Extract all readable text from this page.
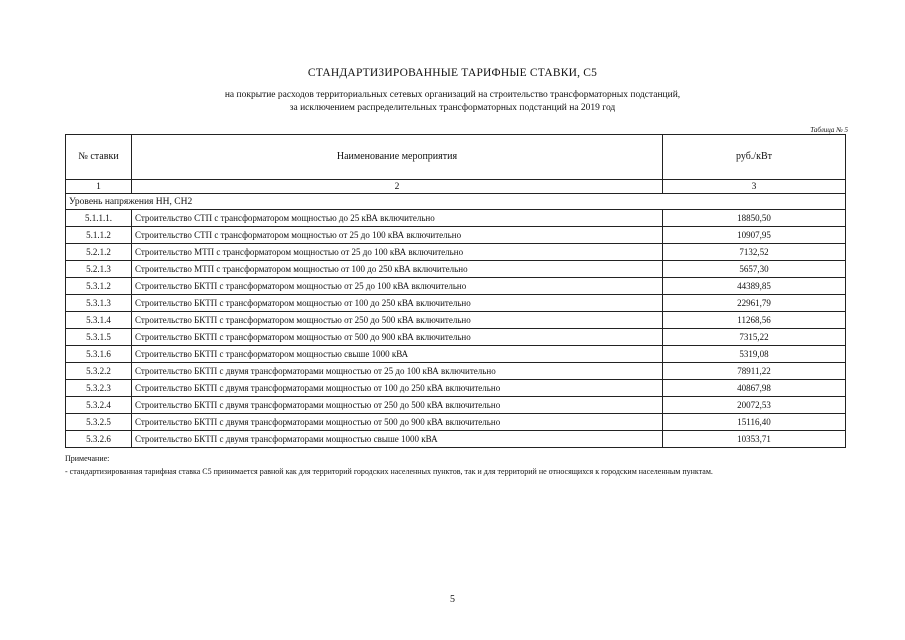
СТАНДАРТИЗИРОВАННЫЕ ТАРИФНЫЕ СТАВКИ, С5
на покрытие расходов территориальных сетевых организаций на строительство трансформаторных подстанций,
за исключением распределительных трансформаторных подстанций на 2019 год
Таблица № 5
№ ставки	Наименование мероприятия	руб./кВт
1	2	3
Уровень напряжения НН, СН2		
5.1.1.1.	Строительство СТП с трансформатором мощностью до 25 кВА включительно	18850,50
5.1.1.2	Строительство СТП с трансформатором мощностью от 25 до 100 кВА включительно	10907,95
5.2.1.2	Строительство МТП с трансформатором мощностью от 25 до 100 кВА включительно	7132,52
5.2.1.3	Строительство МТП с трансформатором мощностью от 100 до 250 кВА включительно	5657,30
5.3.1.2	Строительство БКТП с трансформатором мощностью от 25 до 100 кВА включительно	44389,85
5.3.1.3	Строительство БКТП с трансформатором мощностью от 100 до 250 кВА включительно	22961,79
5.3.1.4	Строительство БКТП с трансформатором мощностью от 250 до 500 кВА включительно	11268,56
5.3.1.5	Строительство БКТП с трансформатором мощностью от 500 до 900 кВА включительно	7315,22
5.3.1.6	Строительство БКТП с трансформатором мощностью свыше 1000 кВА	5319,08
5.3.2.2	Строительство БКТП с двумя трансформаторами мощностью от 25 до 100 кВА включительно	78911,22
5.3.2.3	Строительство БКТП с двумя трансформаторами мощностью от 100 до 250 кВА включительно	40867,98
5.3.2.4	Строительство БКТП с двумя трансформаторами мощностью от 250 до 500 кВА включительно	20072,53
5.3.2.5	Строительство БКТП с двумя трансформаторами мощностью от 500 до 900 кВА включительно	15116,40
5.3.2.6	Строительство БКТП с двумя трансформаторами мощностью свыше 1000 кВА	10353,71
Примечание:
- стандартизированная тарифная ставка С5 принимается равной как для территорий городских населенных пунктов, так и для территорий не относящихся к городским населенным пунктам.
5
